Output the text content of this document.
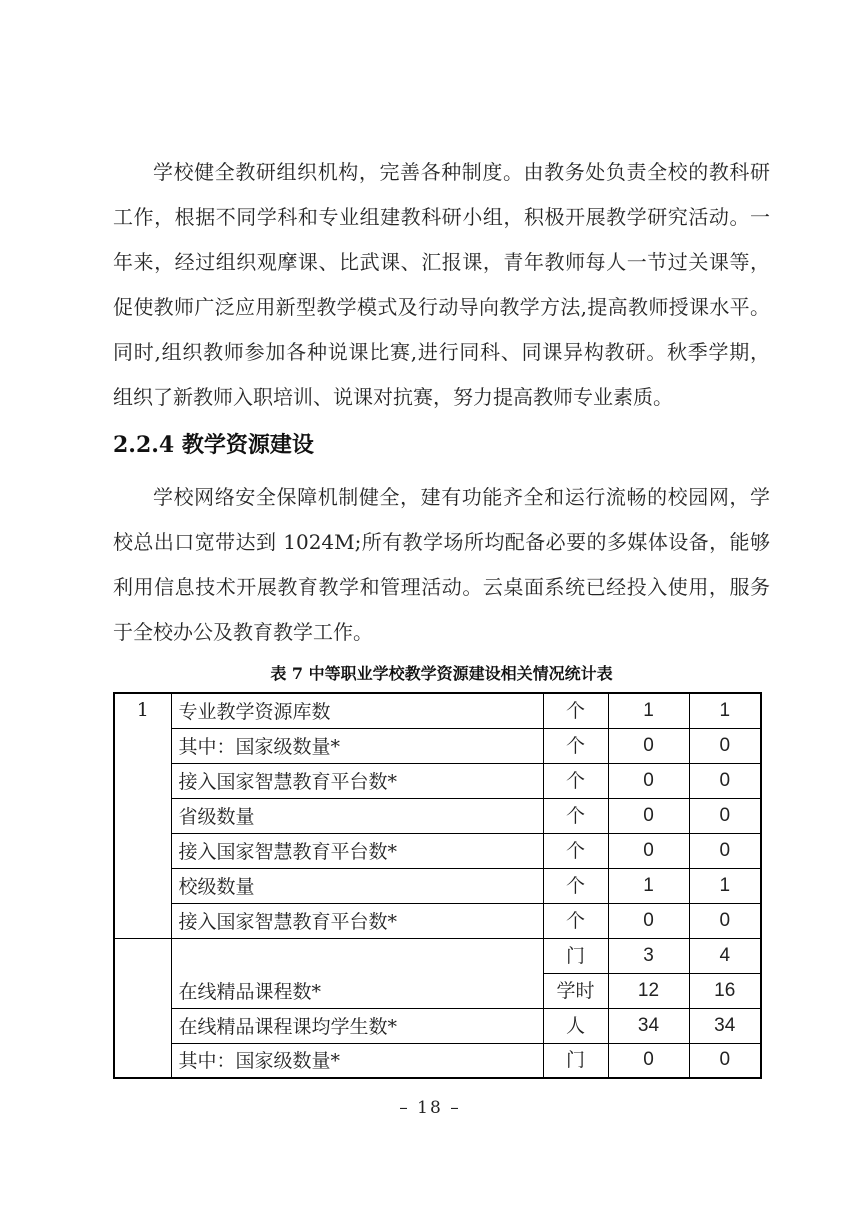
学校健全教研组织机构，完善各种制度。由教务处负责全校的教科研
工作，根据不同学科和专业组建教科研小组，积极开展教学研究活动。一
年来，经过组织观摩课、比武课、汇报课，青年教师每人一节过关课等，
促使教师广泛应用新型教学模式及行动导向教学方法,提高教师授课水平。
同时,组织教师参加各种说课比赛,进行同科、同课异构教研。秋季学期，
组织了新教师入职培训、说课对抗赛，努力提高教师专业素质。
2.2.4 教学资源建设
学校网络安全保障机制健全，建有功能齐全和运行流畅的校园网，学
校总出口宽带达到 1024M;所有教学场所均配备必要的多媒体设备，能够
利用信息技术开展教育教学和管理活动。云桌面系统已经投入使用，服务
于全校办公及教育教学工作。
表 7 中等职业学校教学资源建设相关情况统计表
1	专业教学资源库数	个	1	1
	其中：国家级数量*	个	0	0
	接入国家智慧教育平台数*	个	0	0
	省级数量	个	0	0
	接入国家智慧教育平台数*	个	0	0
	校级数量	个	1	1
	接入国家智慧教育平台数*	个	0	0
	在线精品课程数*	门	3	4
		学时	12	16
	在线精品课程课均学生数*	人	34	34
	其中：国家级数量*	门	0	0
– 18 –
